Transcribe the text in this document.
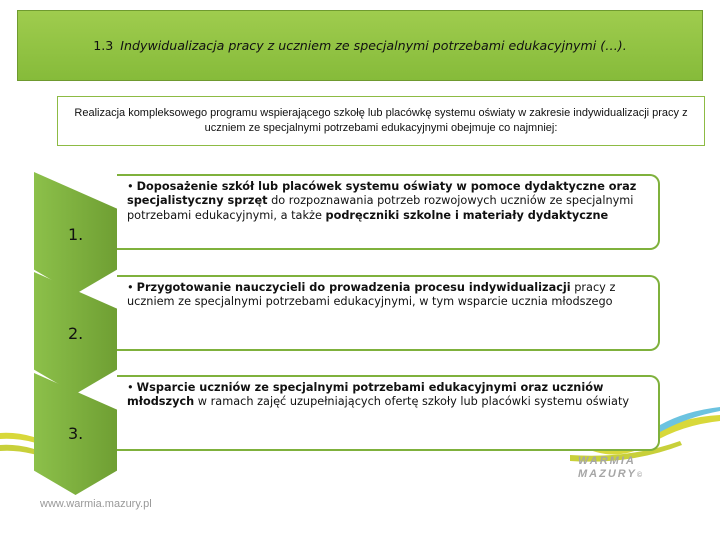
1.3 Indywidualizacja pracy z uczniem ze specjalnymi potrzebami edukacyjnymi (…).
Realizacja kompleksowego programu wspierającego szkołę lub placówkę systemu oświaty w zakresie indywidualizacji pracy z uczniem ze specjalnymi potrzebami edukacyjnymi obejmuje co najmniej:
1.
• Doposażenie szkół lub placówek systemu oświaty w pomoce dydaktyczne oraz specjalistyczny sprzęt do rozpoznawania potrzeb rozwojowych uczniów ze specjalnymi potrzebami edukacyjnymi, a także podręczniki szkolne i materiały dydaktyczne
2.
• Przygotowanie nauczycieli do prowadzenia procesu indywidualizacji pracy z uczniem ze specjalnymi potrzebami edukacyjnymi, w tym wsparcie ucznia młodszego
3.
• Wsparcie uczniów ze specjalnymi potrzebami edukacyjnymi oraz uczniów młodszych w ramach zajęć uzupełniających ofertę szkoły lub placówki systemu oświaty
www.warmia.mazury.pl
WARMIA
MAZURY©
